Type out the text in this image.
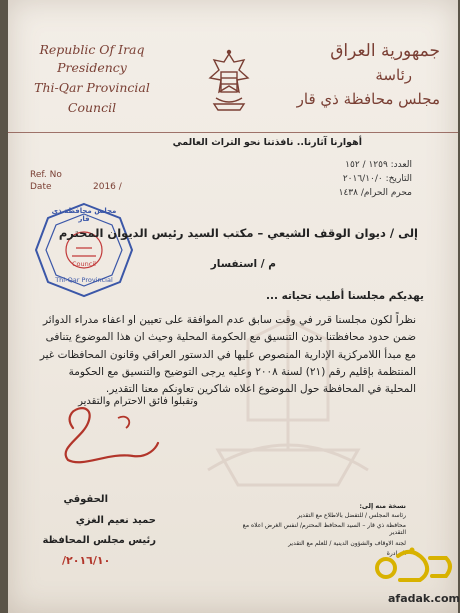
Republic Of Iraq
Presidency
Thi-Qar Provincial
Council
جمهورية العراق
رئاسة
مجلس محافظة ذي قار
أهوارنا آثارنا.. نافذتنا نحو التراث العالمي
Ref. No
Date	2016 /
العدد: ١٢٥٩ / ١٥٢
التاريخ: ٢٠١٦/١٠/٠
محرم الحرام/ ١٤٣٨
مجلس محافظة ذي قار
Council
Thi-Qar Provincial
إلى / ديوان الوقف الشيعي – مكتب السيد رئيس الديوان المحترم
م / استفسار
يهديكم مجلسنا أطيب تحياته ...
نظراً لكون مجلسنا قرر في وقت سابق عدم الموافقة على تعيين او اعفاء مدراء الدوائر ضمن حدود محافظتنا بدون التنسيق مع الحكومة المحلية وحيث ان هذا الموضوع يتنافى مع مبدأ اللامركزية الإدارية المنصوص عليها في الدستور العراقي وقانون المحافظات غير المنتظمة بإقليم رقم (٢١) لسنة ٢٠٠٨ وعليه يرجى التوضيح والتنسيق مع الحكومة المحلية في المحافظة حول الموضوع اعلاه شاكرين تعاونكم معنا التقدير.
وتقبلوا فائق الاحترام والتقدير
الحقوقي
حميد نعيم الغزي
رئيس مجلس المحافظة
٢٠١٦/١٠/
نسخة منه إلى:
رئاسة المجلس / للتفضل بالاطلاع مع التقدير
محافظة ذي قار – السيد المحافظ المحترم/ لنفس الغرض اعلاه مع التقدير
لجنة الاوقاف والشؤون الدينية / للعلم مع التقدير
الصادرة
afadak.com
